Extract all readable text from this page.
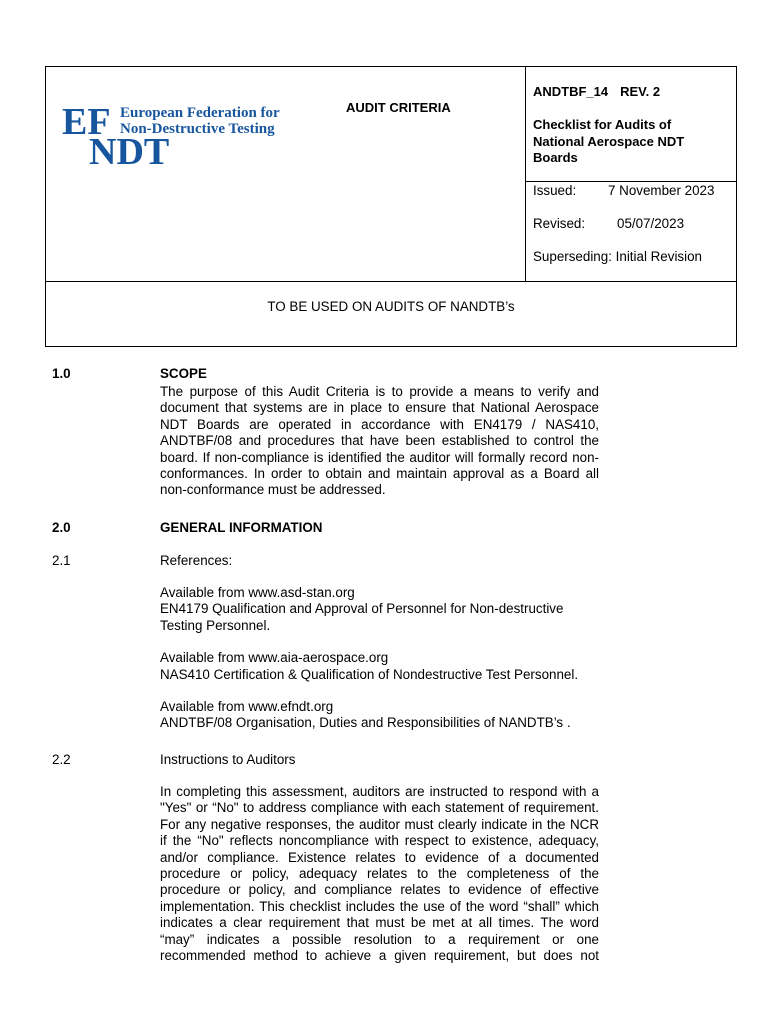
EF
NDT
European Federation for
Non-Destructive Testing
AUDIT CRITERIA
ANDTBF_14 REV. 2
Checklist for Audits of National Aerospace NDT Boards
Issued: 7 November 2023
Revised: 05/07/2023
Superseding: Initial Revision
TO BE USED ON AUDITS OF NANDTB’s
1.0	SCOPE
The purpose of this Audit Criteria is to provide a means to verify and
document that systems are in place to ensure that National Aerospace
NDT Boards are operated in accordance with EN4179 / NAS410,
ANDTBF/08 and procedures that have been established to control the
board. If non-compliance is identified the auditor will formally record non-
conformances. In order to obtain and maintain approval as a Board all
non-conformance must be addressed.
2.0	GENERAL INFORMATION
2.1	References:
Available from www.asd-stan.org
EN4179 Qualification and Approval of Personnel for Non-destructive
Testing Personnel.
Available from www.aia-aerospace.org
NAS410 Certification & Qualification of Nondestructive Test Personnel.
Available from www.efndt.org
ANDTBF/08 Organisation, Duties and Responsibilities of NANDTB’s .
2.2	Instructions to Auditors
In completing this assessment, auditors are instructed to respond with a
"Yes" or “No" to address compliance with each statement of requirement.
For any negative responses, the auditor must clearly indicate in the NCR
if the “No" reflects noncompliance with respect to existence, adequacy,
and/or compliance. Existence relates to evidence of a documented
procedure or policy, adequacy relates to the completeness of the
procedure or policy, and compliance relates to evidence of effective
implementation. This checklist includes the use of the word “shall” which
indicates a clear requirement that must be met at all times. The word
“may” indicates a possible resolution to a requirement or one
recommended method to achieve a given requirement, but does not
